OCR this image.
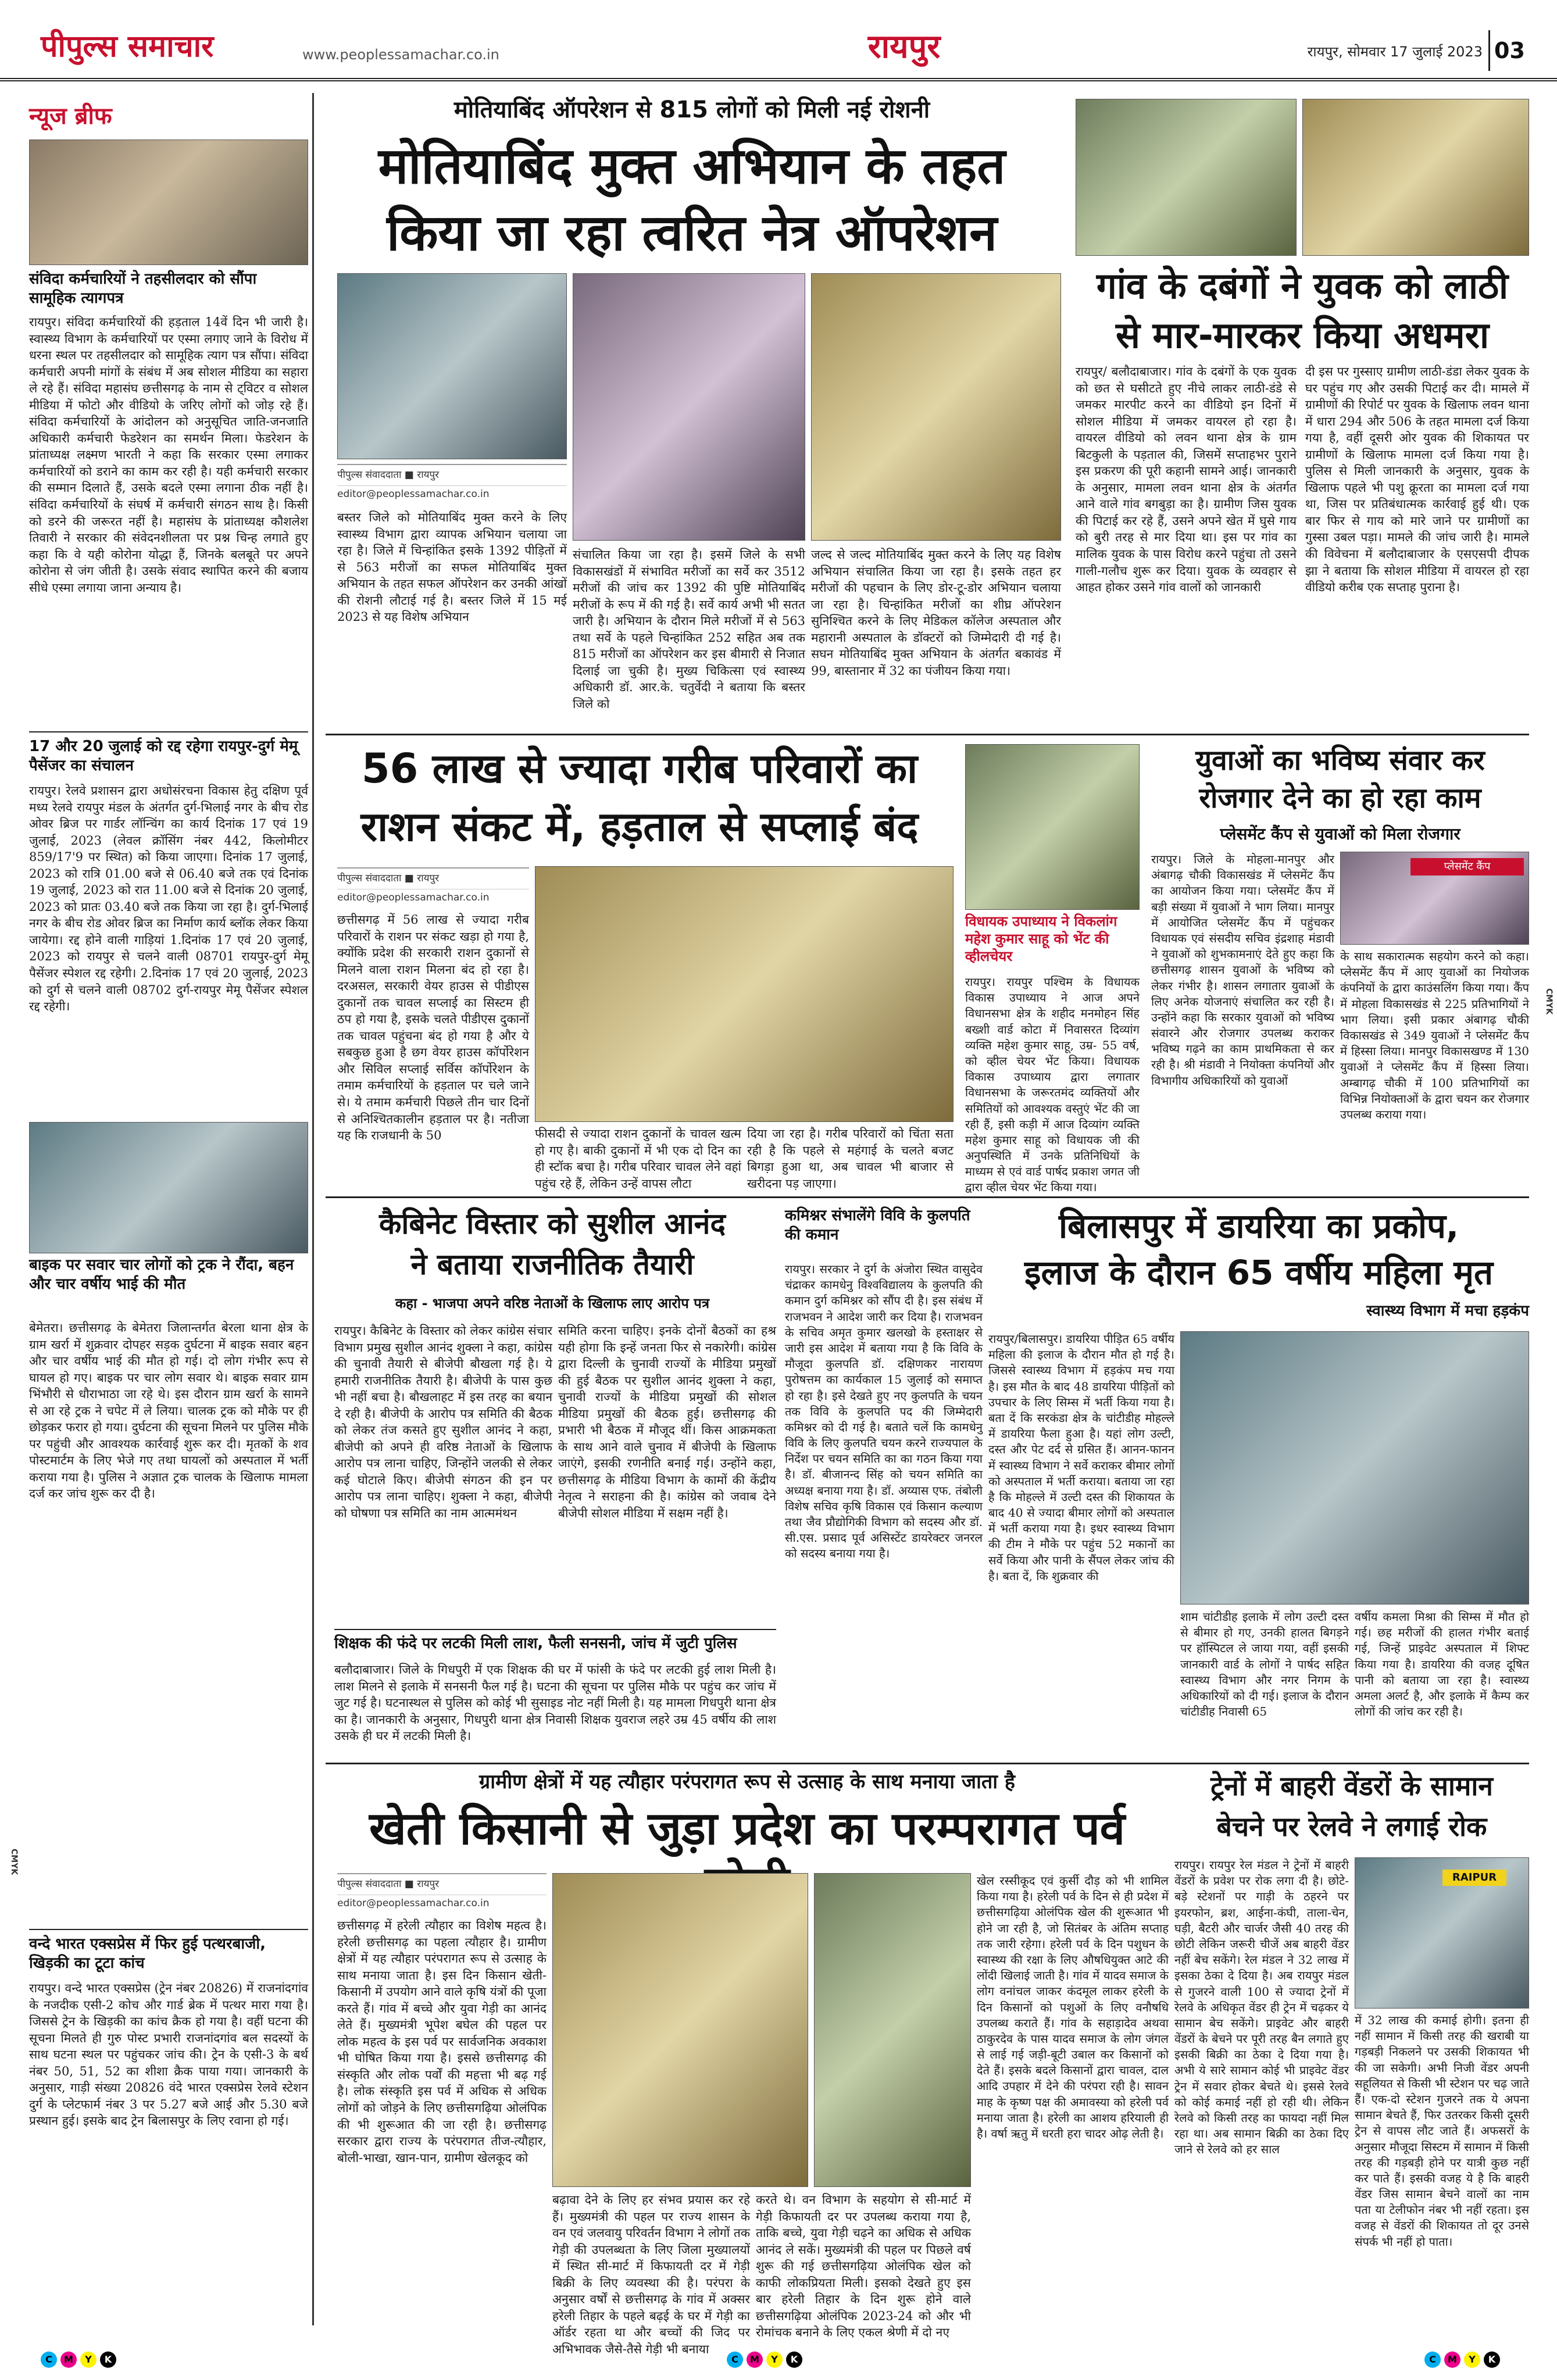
पीपुल्स समाचार	www.peoplessamachar.co.in	रायपुर	रायपुर, सोमवार 17 जुलाई 2023 03
न्यूज ब्रीफ
संविदा कर्मचारियों ने तहसीलदार को सौंपा सामूहिक त्यागपत्र
रायपुर। संविदा कर्मचारियों की हड़ताल 14वें दिन भी जारी है। स्वास्थ्य विभाग के कर्मचारियों पर एस्मा लगाए जाने के विरोध में धरना स्थल पर तहसीलदार को सामूहिक त्याग पत्र सौंपा। संविदा कर्मचारी अपनी मांगों के संबंध में अब सोशल मीडिया का सहारा ले रहे हैं। संविदा महासंघ छत्तीसगढ़ के नाम से ट्विटर व सोशल मीडिया में फोटो और वीडियो के जरिए लोगों को जोड़ रहे हैं। संविदा कर्मचारियों के आंदोलन को अनुसूचित जाति-जनजाति अधिकारी कर्मचारी फेडरेशन का समर्थन मिला। फेडरेशन के प्रांताध्यक्ष लक्ष्मण भारती ने कहा कि सरकार एस्मा लगाकर कर्मचारियों को डराने का काम कर रही है। यही कर्मचारी सरकार की सम्मान दिलाते हैं, उसके बदले एस्मा लगाना ठीक नहीं है। संविदा कर्मचारियों के संघर्ष में कर्मचारी संगठन साथ है। किसी को डरने की जरूरत नहीं है। महासंघ के प्रांताध्यक्ष कौशलेश तिवारी ने सरकार की संवेदनशीलता पर प्रश्न चिन्ह लगाते हुए कहा कि वे यही कोरोना योद्धा हैं, जिनके बलबूते पर अपने कोरोना से जंग जीती है। उसके संवाद स्थापित करने की बजाय सीधे एस्मा लगाया जाना अन्याय है।
17 और 20 जुलाई को रद्द रहेगा रायपुर-दुर्ग मेमू पैसेंजर का संचालन
रायपुर। रेलवे प्रशासन द्वारा अधोसंरचना विकास हेतु दक्षिण पूर्व मध्य रेलवे रायपुर मंडल के अंतर्गत दुर्ग-भिलाई नगर के बीच रोड ओवर ब्रिज पर गार्डर लॉन्चिंग का कार्य दिनांक 17 एवं 19 जुलाई, 2023 (लेवल क्रॉसिंग नंबर 442, किलोमीटर 859/17'9 पर स्थित) को किया जाएगा। दिनांक 17 जुलाई, 2023 को रात्रि 01.00 बजे से 06.40 बजे तक एवं दिनांक 19 जुलाई, 2023 को रात 11.00 बजे से दिनांक 20 जुलाई, 2023 को प्रातः 03.40 बजे तक किया जा रहा है। दुर्ग-भिलाई नगर के बीच रोड ओवर ब्रिज का निर्माण कार्य ब्लॉक लेकर किया जायेगा। रद्द होने वाली गाड़ियां 1.दिनांक 17 एवं 20 जुलाई, 2023 को रायपुर से चलने वाली 08701 रायपुर-दुर्ग मेमू पैसेंजर स्पेशल रद्द रहेगी। 2.दिनांक 17 एवं 20 जुलाई, 2023 को दुर्ग से चलने वाली 08702 दुर्ग-रायपुर मेमू पैसेंजर स्पेशल रद्द रहेगी।
बाइक पर सवार चार लोगों को ट्रक ने रौंदा, बहन और चार वर्षीय भाई की मौत
बेमेतरा। छत्तीसगढ़ के बेमेतरा जिलान्तर्गत बेरला थाना क्षेत्र के ग्राम खर्रा में शुक्रवार दोपहर सड़क दुर्घटना में बाइक सवार बहन और चार वर्षीय भाई की मौत हो गई। दो लोग गंभीर रूप से घायल हो गए। बाइक पर चार लोग सवार थे। बाइक सवार ग्राम भिंभौरी से धौराभाठा जा रहे थे। इस दौरान ग्राम खर्रा के सामने से आ रहे ट्रक ने चपेट में ले लिया। चालक ट्रक को मौके पर ही छोड़कर फरार हो गया। दुर्घटना की सूचना मिलने पर पुलिस मौके पर पहुंची और आवश्यक कार्रवाई शुरू कर दी। मृतकों के शव पोस्टमार्टम के लिए भेजे गए तथा घायलों को अस्पताल में भर्ती कराया गया है। पुलिस ने अज्ञात ट्रक चालक के खिलाफ मामला दर्ज कर जांच शुरू कर दी है।
वन्दे भारत एक्सप्रेस में फिर हुई पत्थरबाजी, खिड़की का टूटा कांच
रायपुर। वन्दे भारत एक्सप्रेस (ट्रेन नंबर 20826) में राजनांदगांव के नजदीक एसी-2 कोच और गार्ड ब्रेक में पत्थर मारा गया है। जिससे ट्रेन के खिड़की का कांच क्रैक हो गया है। वहीं घटना की सूचना मिलते ही गुरु पोस्ट प्रभारी राजनांदगांव बल सदस्यों के साथ घटना स्थल पर पहुंचकर जांच की। ट्रेन के एसी-3 के बर्थ नंबर 50, 51, 52 का शीशा क्रैक पाया गया। जानकारी के अनुसार, गाड़ी संख्या 20826 वंदे भारत एक्सप्रेस रेलवे स्टेशन दुर्ग के प्लेटफार्म नंबर 3 पर 5.27 बजे आई और 5.30 बजे प्रस्थान हुई। इसके बाद ट्रेन बिलासपुर के लिए रवाना हो गई।
मोतियाबिंद ऑपरेशन से 815 लोगों को मिली नई रोशनी
मोतियाबिंद मुक्त अभियान के तहत
किया जा रहा त्वरित नेत्र ऑपरेशन
पीपुल्स संवाददाता ■ रायपुर
editor@peoplessamachar.co.in
बस्तर जिले को मोतियाबिंद मुक्त करने के लिए स्वास्थ्य विभाग द्वारा व्यापक अभियान चलाया जा रहा है। जिले में चिन्हांकित इसके 1392 पीड़ितों में से 563 मरीजों का सफल मोतियाबिंद मुक्त अभियान के तहत सफल ऑपरेशन कर उनकी आंखों की रोशनी लौटाई गई है। बस्तर जिले में 15 मई 2023 से यह विशेष अभियान
संचालित किया जा रहा है। इसमें जिले के सभी विकासखंडों में संभावित मरीजों का सर्वे कर 3512 मरीजों की जांच कर 1392 की पुष्टि मोतियाबिंद मरीजों के रूप में की गई है। सर्वे कार्य अभी भी सतत जारी है। अभियान के दौरान मिले मरीजों में से 563 तथा सर्वे के पहले चिन्हांकित 252 सहित अब तक 815 मरीजों का ऑपरेशन कर इस बीमारी से निजात दिलाई जा चुकी है। मुख्य चिकित्सा एवं स्वास्थ्य अधिकारी डॉ. आर.के. चतुर्वेदी ने बताया कि बस्तर जिले को
जल्द से जल्द मोतियाबिंद मुक्त करने के लिए यह विशेष अभियान संचालित किया जा रहा है। इसके तहत हर मरीजों की पहचान के लिए डोर-टू-डोर अभियान चलाया जा रहा है। चिन्हांकित मरीजों का शीघ्र ऑपरेशन सुनिश्चित करने के लिए मेडिकल कॉलेज अस्पताल और महारानी अस्पताल के डॉक्टरों को जिम्मेदारी दी गई है। सघन मोतियाबिंद मुक्त अभियान के अंतर्गत बकावंड में 99, बास्तानार में 32 का पंजीयन किया गया।
गांव के दबंगों ने युवक को लाठी
से मार-मारकर किया अधमरा
रायपुर/ बलौदाबाजार। गांव के दबंगों के एक युवक को छत से घसीटते हुए नीचे लाकर लाठी-डंडे से जमकर मारपीट करने का वीडियो इन दिनों में सोशल मीडिया में जमकर वायरल हो रहा है। वायरल वीडियो को लवन थाना क्षेत्र के ग्राम बिटकुली के पड़ताल की, जिसमें सप्ताहभर पुराने इस प्रकरण की पूरी कहानी सामने आई। जानकारी के अनुसार, मामला लवन थाना क्षेत्र के अंतर्गत आने वाले गांव बगबुड़ा का है। ग्रामीण जिस युवक की पिटाई कर रहे हैं, उसने अपने खेत में घुसे गाय को बुरी तरह से मार दिया था। इस पर गांव का मालिक युवक के पास विरोध करने पहुंचा तो उसने गाली-गलौच शुरू कर दिया। युवक के व्यवहार से आहत होकर उसने गांव वालों को जानकारी
दी इस पर गुस्साए ग्रामीण लाठी-डंडा लेकर युवक के घर पहुंच गए और उसकी पिटाई कर दी। मामले में ग्रामीणों की रिपोर्ट पर युवक के खिलाफ लवन थाना में धारा 294 और 506 के तहत मामला दर्ज किया गया है, वहीं दूसरी ओर युवक की शिकायत पर ग्रामीणों के खिलाफ मामला दर्ज किया गया है। पुलिस से मिली जानकारी के अनुसार, युवक के खिलाफ पहले भी पशु क्रूरता का मामला दर्ज गया था, जिस पर प्रतिबंधात्मक कार्रवाई हुई थी। एक बार फिर से गाय को मारे जाने पर ग्रामीणों का गुस्सा उबल पड़ा। मामले की जांच जारी है। मामले की विवेचना में बलौदाबाजार के एसएसपी दीपक झा ने बताया कि सोशल मीडिया में वायरल हो रहा वीडियो करीब एक सप्ताह पुराना है।
56 लाख से ज्यादा गरीब परिवारों का
राशन संकट में, हड़ताल से सप्लाई बंद
पीपुल्स संवाददाता ■ रायपुर
editor@peoplessamachar.co.in
छत्तीसगढ़ में 56 लाख से ज्यादा गरीब परिवारों के राशन पर संकट खड़ा हो गया है, क्योंकि प्रदेश की सरकारी राशन दुकानों से मिलने वाला राशन मिलना बंद हो रहा है। दरअसल, सरकारी वेयर हाउस से पीडीएस दुकानों तक चावल सप्लाई का सिस्टम ही ठप हो गया है, इसके चलते पीडीएस दुकानों तक चावल पहुंचना बंद हो गया है और ये सबकुछ हुआ है छग वेयर हाउस कॉर्पोरेशन और सिविल सप्लाई सर्विस कॉर्पोरेशन के तमाम कर्मचारियों के हड़ताल पर चले जाने से। ये तमाम कर्मचारी पिछले तीन चार दिनों से अनिश्चितकालीन हड़ताल पर है। नतीजा यह कि राजधानी के 50	फीसदी से ज्यादा राशन दुकानों के चावल खत्म हो गए है। बाकी दुकानों में भी एक दो दिन का ही स्टॉक बचा है। गरीब परिवार चावल लेने वहां पहुंच रहे हैं, लेकिन उन्हें वापस लौटा
दिया जा रहा है। गरीब परिवारों को चिंता सता रही है कि पहले से महंगाई के चलते बजट बिगड़ा हुआ था, अब चावल भी बाजार से खरीदना पड़ जाएगा।
विधायक उपाध्याय ने विकलांग महेश कुमार साहू को भेंट की व्हीलचेयर
रायपुर। रायपुर पश्चिम के विधायक विकास उपाध्याय ने आज अपने विधानसभा क्षेत्र के शहीद मनमोहन सिंह बख्शी वार्ड कोटा में निवासरत दिव्यांग व्यक्ति महेश कुमार साहू, उम्र- 55 वर्ष, को व्हील चेयर भेंट किया। विधायक विकास उपाध्याय द्वारा लगातार विधानसभा के जरूरतमंद व्यक्तियों और समितियों को आवश्यक वस्तुएं भेंट की जा रही हैं, इसी कड़ी में आज दिव्यांग व्यक्ति महेश कुमार साहू को विधायक जी की अनुपस्थिति में उनके प्रतिनिधियों के माध्यम से एवं वार्ड पार्षद प्रकाश जगत जी द्वारा व्हील चेयर भेंट किया गया।
युवाओं का भविष्य संवार कर
रोजगार देने का हो रहा काम
प्लेसमेंट कैंप से युवाओं को मिला रोजगार
रायपुर। जिले के मोहला-मानपुर और अंबागढ़ चौकी विकासखंड में प्लेसमेंट कैंप का आयोजन किया गया। प्लेसमेंट कैंप में बड़ी संख्या में युवाओं ने भाग लिया। मानपुर में आयोजित प्लेसमेंट कैंप में पहुंचकर विधायक एवं संसदीय सचिव इंद्रशाह मंडावी ने युवाओं को शुभकामनाएं देते हुए कहा कि छत्तीसगढ़ शासन युवाओं के भविष्य को लेकर गंभीर है। शासन लगातार युवाओं के लिए अनेक योजनाएं संचालित कर रही है। उन्होंने कहा कि सरकार युवाओं को भविष्य संवारने और रोजगार उपलब्ध कराकर भविष्य गढ़ने का काम प्राथमिकता से कर रही है। श्री मंडावी ने नियोक्ता कंपनियों और विभागीय अधिकारियों को युवाओं
प्लेसमेंट कैंप
के साथ सकारात्मक सहयोग करने को कहा। प्लेसमेंट कैंप में आए युवाओं का नियोजक कंपनियों के द्वारा काउंसलिंग किया गया। कैंप में मोहला विकासखंड से 225 प्रतिभागियों ने भाग लिया। इसी प्रकार अंबागढ़ चौकी विकासखंड से 349 युवाओं ने प्लेसमेंट कैंप में हिस्सा लिया। मानपुर विकासखण्ड में 130 युवाओं ने प्लेसमेंट कैंप में हिस्सा लिया। अम्बागढ़ चौकी में 100 प्रतिभागियों का विभिन्न नियोक्ताओं के द्वारा चयन कर रोजगार उपलब्ध कराया गया।
कैबिनेट विस्तार को सुशील आनंद
ने बताया राजनीतिक तैयारी
कहा - भाजपा अपने वरिष्ठ नेताओं के खिलाफ लाए आरोप पत्र
रायपुर। कैबिनेट के विस्तार को लेकर कांग्रेस संचार विभाग प्रमुख सुशील आनंद शुक्ला ने कहा, कांग्रेस की चुनावी तैयारी से बीजेपी बौखला गई है। ये हमारी राजनीतिक तैयारी है। बीजेपी के पास कुछ भी नहीं बचा है। बौखलाहट में इस तरह का बयान दे रही है। बीजेपी के आरोप पत्र समिति की बैठक को लेकर तंज कसते हुए सुशील आनंद ने कहा, बीजेपी को अपने ही वरिष्ठ नेताओं के खिलाफ आरोप पत्र लाना चाहिए, जिन्होंने जलकी से लेकर कई घोटाले किए। बीजेपी संगठन की इन पर आरोप पत्र लाना चाहिए। शुक्ला ने कहा, बीजेपी को घोषणा पत्र समिति का नाम आत्ममंथन
समिति करना चाहिए। इनके दोनों बैठकों का हश्र यही होगा कि इन्हें जनता फिर से नकारेगी। कांग्रेस द्वारा दिल्ली के चुनावी राज्यों के मीडिया प्रमुखों की हुई बैठक पर सुशील आनंद शुक्ला ने कहा, चुनावी राज्यों के मीडिया प्रमुखों की सोशल मीडिया प्रमुखों की बैठक हुई। छत्तीसगढ़ की प्रभारी भी बैठक में मौजूद थीं। किस आक्रमकता के साथ आने वाले चुनाव में बीजेपी के खिलाफ जाएंगे, इसकी रणनीति बनाई गई। उन्होंने कहा, छत्तीसगढ़ के मीडिया विभाग के कामों की केंद्रीय नेतृत्व ने सराहना की है। कांग्रेस को जवाब देने बीजेपी सोशल मीडिया में सक्षम नहीं है।
शिक्षक की फंदे पर लटकी मिली लाश, फैली सनसनी, जांच में जुटी पुलिस
बलौदाबाजार। जिले के गिधपुरी में एक शिक्षक की घर में फांसी के फंदे पर लटकी हुई लाश मिली है। लाश मिलने से इलाके में सनसनी फैल गई है। घटना की सूचना पर पुलिस मौके पर पहुंच कर जांच में जुट गई है। घटनास्थल से पुलिस को कोई भी सुसाइड नोट नहीं मिली है। यह मामला गिधपुरी थाना क्षेत्र का है। जानकारी के अनुसार, गिधपुरी थाना क्षेत्र निवासी शिक्षक युवराज लहरे उम्र 45 वर्षीय की लाश उसके ही घर में लटकी मिली है।
कमिश्नर संभालेंगे विवि के कुलपति की कमान
रायपुर। सरकार ने दुर्ग के अंजोरा स्थित वासुदेव चंद्राकर कामधेनु विश्वविद्यालय के कुलपति की कमान दुर्ग कमिश्नर को सौंप दी है। इस संबंध में राजभवन ने आदेश जारी कर दिया है। राजभवन के सचिव अमृत कुमार खलखो के हस्ताक्षर से जारी इस आदेश में बताया गया है कि विवि के मौजूदा कुलपति डॉ. दक्षिणकर नारायण पुरोषत्तम का कार्यकाल 15 जुलाई को समाप्त हो रहा है। इसे देखते हुए नए कुलपति के चयन तक विवि के कुलपति पद की जिम्मेदारी कमिश्नर को दी गई है। बताते चलें कि कामधेनु विवि के लिए कुलपति चयन करने राज्यपाल के निर्देश पर चयन समिति का का गठन किया गया है। डॉ. बीजानन्द सिंह को चयन समिति का अध्यक्ष बनाया गया है। डॉ. अय्यास एफ. तंबोली विशेष सचिव कृषि विकास एवं किसान कल्याण तथा जैव प्रौद्योगिकी विभाग को सदस्य और डॉ. सी.एस. प्रसाद पूर्व असिस्टेंट डायरेक्टर जनरल को सदस्य बनाया गया है।
बिलासपुर में डायरिया का प्रकोप,
इलाज के दौरान 65 वर्षीय महिला मृत
स्वास्थ्य विभाग में मचा हड़कंप
रायपुर/बिलासपुर। डायरिया पीड़ित 65 वर्षीय महिला की इलाज के दौरान मौत हो गई है। जिससे स्वास्थ्य विभाग में हड़कंप मच गया है। इस मौत के बाद 48 डायरिया पीड़ितों को उपचार के लिए सिम्स में भर्ती किया गया है। बता दें कि सरकंडा क्षेत्र के चांटीडीह मोहल्ले में डायरिया फैला हुआ है। यहां लोग उल्टी, दस्त और पेट दर्द से ग्रसित हैं। आनन-फानन में स्वास्थ्य विभाग ने सर्वे कराकर बीमार लोगों को अस्पताल में भर्ती कराया। बताया जा रहा है कि मोहल्ले में उल्टी दस्त की शिकायत के बाद 40 से ज्यादा बीमार लोगों को अस्पताल में भर्ती कराया गया है। इधर स्वास्थ्य विभाग की टीम ने मौके पर पहुंच 52 मकानों का सर्वे किया और पानी के सैंपल लेकर जांच की है। बता दें, कि शुक्रवार की
शाम चांटीडीह इलाके में लोग उल्टी दस्त से बीमार हो गए, उनकी हालत बिगड़ने पर हॉस्पिटल ले जाया गया, वहीं इसकी जानकारी वार्ड के लोगों ने पार्षद सहित स्वास्थ्य विभाग और नगर निगम के अधिकारियों को दी गई। इलाज के दौरान चांटीडीह निवासी 65
वर्षीय कमला मिश्रा की सिम्स में मौत हो गई। छह मरीजों की हालत गंभीर बताई गई, जिन्हें प्राइवेट अस्पताल में शिफ्ट किया गया है। डायरिया की वजह दूषित पानी को बताया जा रहा है। स्वास्थ्य अमला अलर्ट है, और इलाके में कैम्प कर लोगों की जांच कर रही है।
ग्रामीण क्षेत्रों में यह त्यौहार परंपरागत रूप से उत्साह के साथ मनाया जाता है
खेती किसानी से जुड़ा प्रदेश का परम्परागत पर्व
पीपुल्स संवाददाता ■ रायपुर
editor@peoplessamachar.co.in
छत्तीसगढ़ में हरेली त्यौहार का विशेष महत्व है। हरेली छत्तीसगढ़ का पहला त्यौहार है। ग्रामीण क्षेत्रों में यह त्यौहार परंपरागत रूप से उत्साह के साथ मनाया जाता है। इस दिन किसान खेती-किसानी में उपयोग आने वाले कृषि यंत्रों की पूजा करते हैं। गांव में बच्चे और युवा गेड़ी का आनंद लेते हैं। मुख्यमंत्री भूपेश बघेल की पहल पर लोक महत्व के इस पर्व पर सार्वजनिक अवकाश भी घोषित किया गया है। इससे छत्तीसगढ़ की संस्कृति और लोक पर्वों की महत्ता भी बढ़ गई है। लोक संस्कृति इस पर्व में अधिक से अधिक लोगों को जोड़ने के लिए छत्तीसगढ़िया ओलंपिक की भी शुरूआत की जा रही है। छत्तीसगढ़ सरकार द्वारा राज्य के परंपरागत तीज-त्यौहार, बोली-भाखा, खान-पान, ग्रामीण खेलकूद को
बढ़ावा देने के लिए हर संभव प्रयास कर रहे हैं। मुख्यमंत्री की पहल पर राज्य शासन के वन एवं जलवायु परिवर्तन विभाग ने लोगों तक गेड़ी की उपलब्धता के लिए जिला मुख्यालयों में स्थित सी-मार्ट में किफायती दर में गेड़ी बिक्री के लिए व्यवस्था की है। परंपरा के अनुसार वर्षों से छत्तीसगढ़ के गांव में अक्सर हरेली तिहार के पहले बढ़ई के घर में गेड़ी का ऑर्डर रहता था और बच्चों की जिद पर अभिभावक जैसे-तैसे गेड़ी भी बनाया
करते थे। वन विभाग के सहयोग से सी-मार्ट में गेड़ी किफायती दर पर उपलब्ध कराया गया है, ताकि बच्चे, युवा गेड़ी चढ़ने का अधिक से अधिक आनंद ले सकें। मुख्यमंत्री की पहल पर पिछले वर्ष शुरू की गई छत्तीसगढ़िया ओलंपिक खेल को काफी लोकप्रियता मिली। इसको देखते हुए इस बार हरेली तिहार के दिन शुरू होने वाले छत्तीसगढ़िया ओलंपिक 2023-24 को और भी रोमांचक बनाने के लिए एकल श्रेणी में दो नए
खेल रस्सीकूद एवं कुर्सी दौड़ को भी शामिल किया गया है। हरेली पर्व के दिन से ही प्रदेश में छत्तीसगढ़िया ओलंपिक खेल की शुरूआत भी होने जा रही है, जो सितंबर के अंतिम सप्ताह तक जारी रहेगा। हरेली पर्व के दिन पशुधन के स्वास्थ्य की रक्षा के लिए औषधियुक्त आटे की लोंदी खिलाई जाती है। गांव में यादव समाज के लोग वनांचल जाकर कंदमूल लाकर हरेली के दिन किसानों को पशुओं के लिए वनौषधि उपलब्ध कराते हैं। गांव के सहाड़ादेव अथवा ठाकुरदेव के पास यादव समाज के लोग जंगल से लाई गई जड़ी-बूटी उबाल कर किसानों को देते हैं। इसके बदले किसानों द्वारा चावल, दाल आदि उपहार में देने की परंपरा रही है। सावन माह के कृष्ण पक्ष की अमावस्या को हरेली पर्व मनाया जाता है। हरेली का आशय हरियाली ही है। वर्षा ऋतु में धरती हरा चादर ओढ़ लेती है।
ट्रेनों में बाहरी वेंडरों के सामान
बेचने पर रेलवे ने लगाई रोक
रायपुर। रायपुर रेल मंडल ने ट्रेनों में बाहरी वेंडरों के प्रवेश पर रोक लगा दी है। छोटे-बड़े स्टेशनों पर गाड़ी के ठहरने पर इयरफोन, ब्रश, आईना-कंघी, ताला-चेन, घड़ी, बैटरी और चार्जर जैसी 40 तरह की छोटी लेकिन जरूरी चीजें अब बाहरी वेंडर नहीं बेच सकेंगे। रेल मंडल ने 32 लाख में इसका ठेका दे दिया है। अब रायपुर मंडल से गुजरने वाली 100 से ज्यादा ट्रेनों में रेलवे के अधिकृत वेंडर ही ट्रेन में चढ़कर ये सामान बेच सकेंगे। प्राइवेट और बाहरी वेंडरों के बेचने पर पूरी तरह बैन लगाते हुए इसकी बिक्री का ठेका दे दिया गया है। अभी ये सारे सामान कोई भी प्राइवेट वेंडर ट्रेन में सवार होकर बेचते थे। इससे रेलवे को कोई कमाई नहीं हो रही थी। लेकिन रेलवे को किसी तरह का फायदा नहीं मिल रहा था। अब सामान बिक्री का ठेका दिए जाने से रेलवे को हर साल
RAIPUR
में 32 लाख की कमाई होगी। इतना ही नहीं सामान में किसी तरह की खराबी या गड़बड़ी निकलने पर उसकी शिकायत भी की जा सकेगी। अभी निजी वेंडर अपनी सहूलियत से किसी भी स्टेशन पर चढ़ जाते हैं। एक-दो स्टेशन गुजरने तक ये अपना सामान बेचते हैं, फिर उतरकर किसी दूसरी ट्रेन से वापस लौट जाते हैं। अफसरों के अनुसार मौजूदा सिस्टम में सामान में किसी तरह की गड़बड़ी होने पर यात्री कुछ नहीं कर पाते हैं। इसकी वजह ये है कि बाहरी वेंडर जिस सामान बेचने वालों का नाम पता या टेलीफोन नंबर भी नहीं रहता। इस वजह से वेंडरों की शिकायत तो दूर उनसे संपर्क भी नहीं हो पाता।
C	M	Y	K	C	M	Y	K	C	M	Y	K
CMYK
CMYK
